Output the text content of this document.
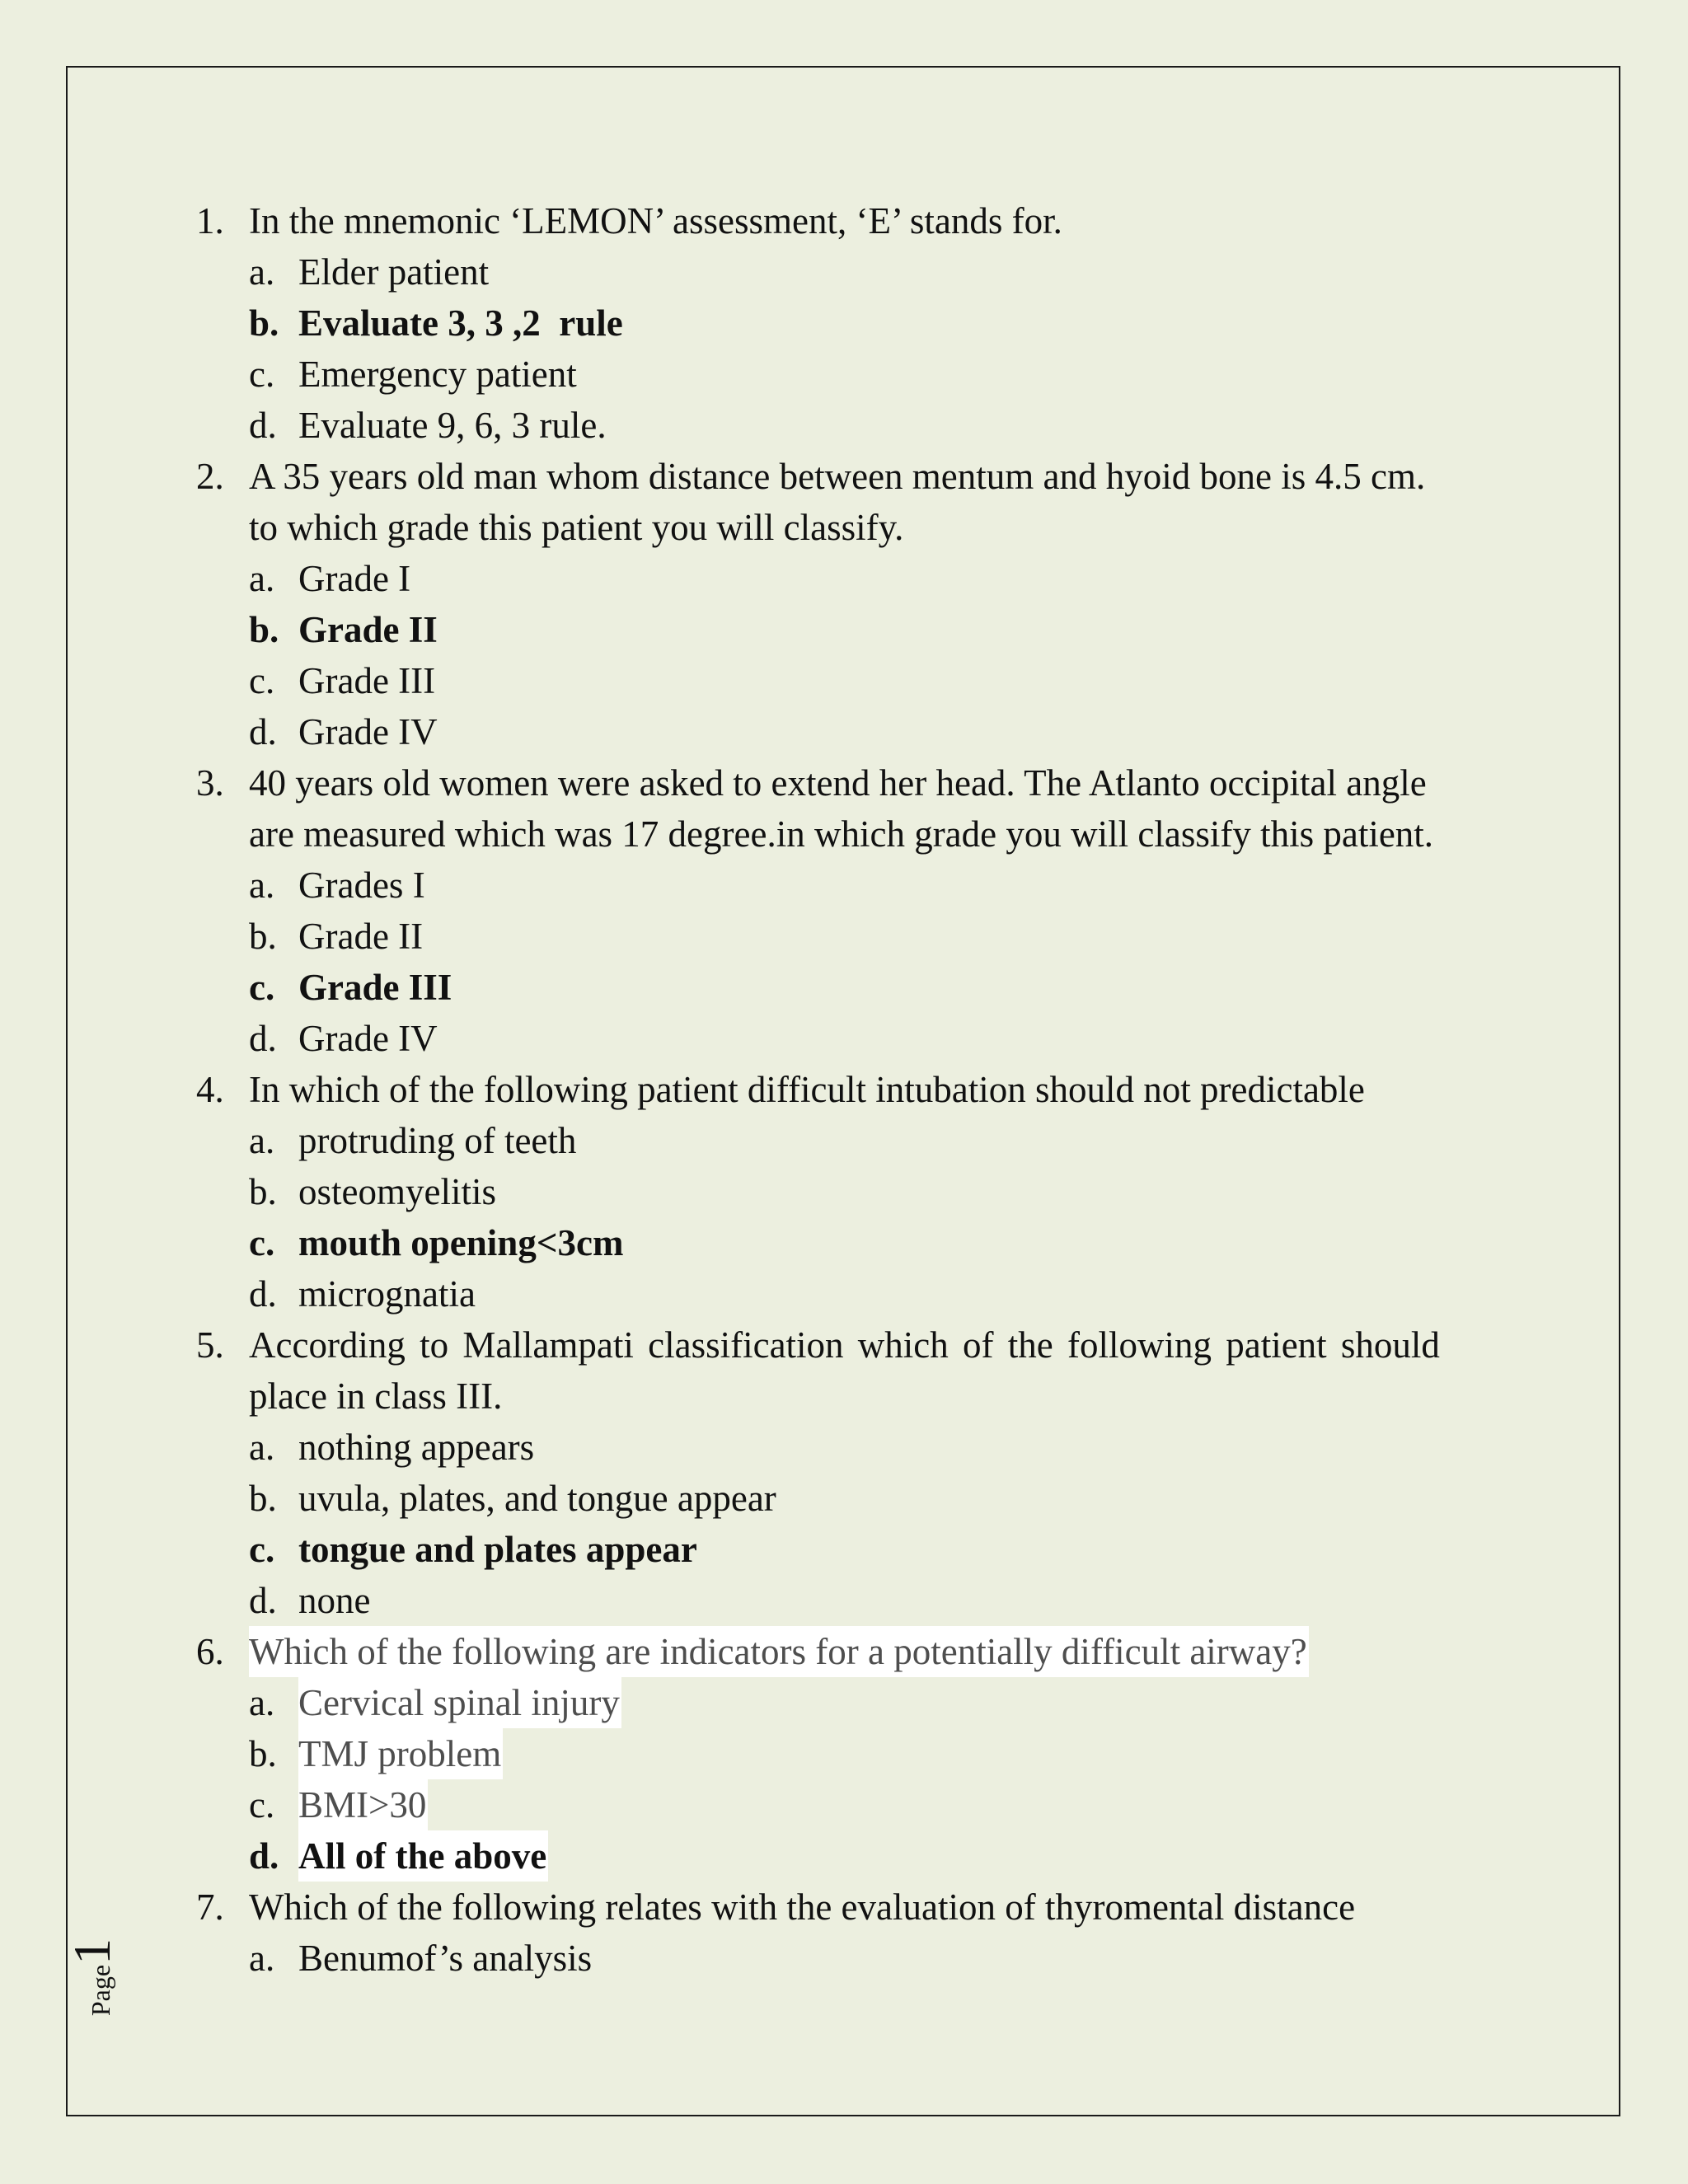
1. In the mnemonic ‘LEMON’ assessment, ‘E’ stands for.
a. Elder patient
b. Evaluate 3, 3 ,2  rule
c. Emergency patient
d. Evaluate 9, 6, 3 rule.
2. A 35 years old man whom distance between mentum and hyoid bone is 4.5 cm.
to which grade this patient you will classify.
a. Grade I
b. Grade II
c. Grade III
d. Grade IV
3. 40 years old women were asked to extend her head. The Atlanto occipital angle
are measured which was 17 degree.in which grade you will classify this patient.
a. Grades I
b. Grade II
c. Grade III
d. Grade IV
4. In which of the following patient difficult intubation should not predictable
a. protruding of teeth
b. osteomyelitis
c. mouth opening<3cm
d. micrognatia
5. According to Mallampati classification which of the following patient should
place in class III.
a. nothing appears
b. uvula, plates, and tongue appear
c. tongue and plates appear
d. none
6. Which of the following are indicators for a potentially difficult airway?
a. Cervical spinal injury
b. TMJ problem
c. BMI>30
d. All of the above
7. Which of the following relates with the evaluation of thyromental distance
a. Benumof’s analysis
Page1
